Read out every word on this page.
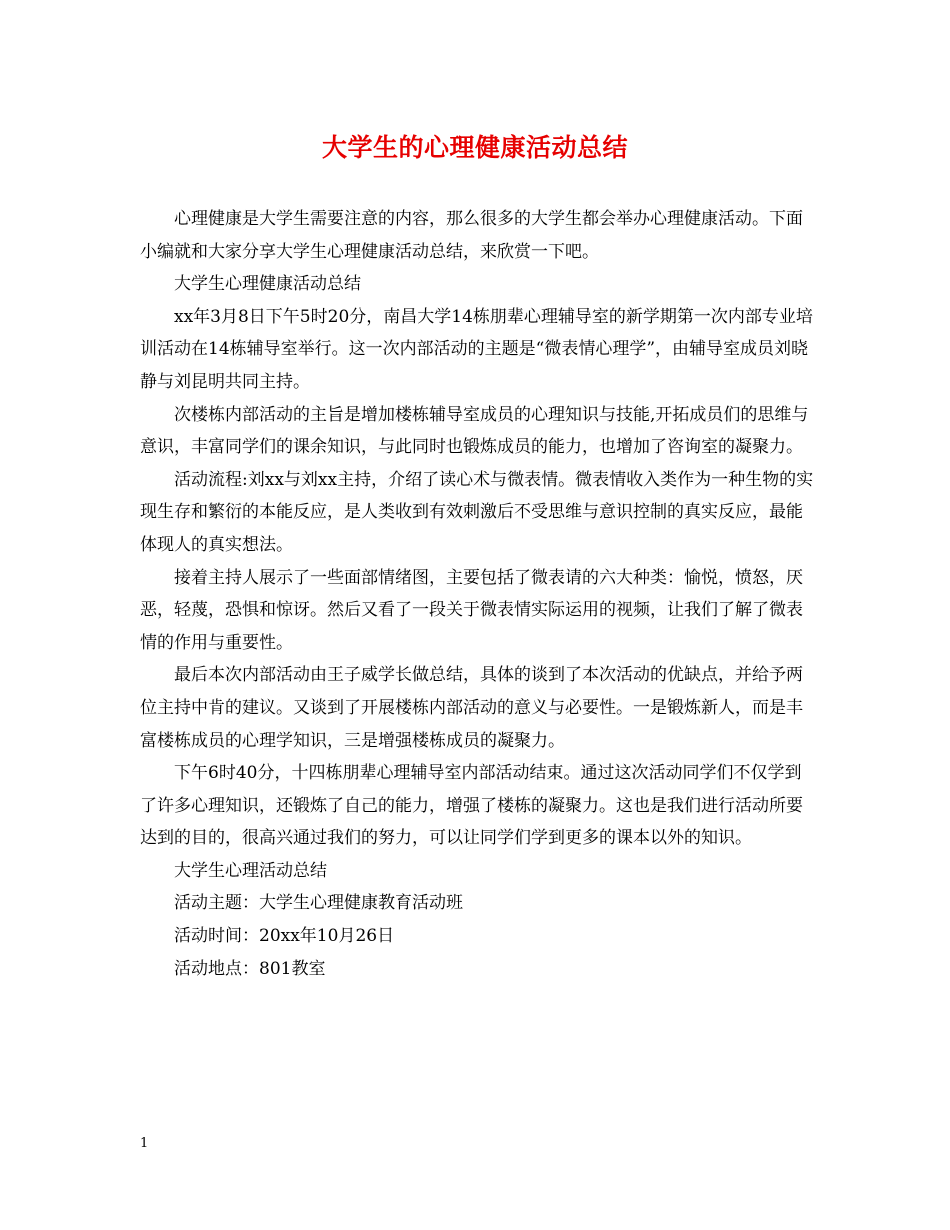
大学生的心理健康活动总结

心理健康是大学生需要注意的内容，那么很多的大学生都会举办心理健康活动。下面小编就和大家分享大学生心理健康活动总结，来欣赏一下吧。

大学生心理健康活动总结

xx年3月8日下午5时20分，南昌大学14栋朋辈心理辅导室的新学期第一次内部专业培训活动在14栋辅导室举行。这一次内部活动的主题是“微表情心理学”，由辅导室成员刘晓静与刘昆明共同主持。

次楼栋内部活动的主旨是增加楼栋辅导室成员的心理知识与技能,开拓成员们的思维与意识，丰富同学们的课余知识，与此同时也锻炼成员的能力，也增加了咨询室的凝聚力。

活动流程:刘xx与刘xx主持，介绍了读心术与微表情。微表情收入类作为一种生物的实现生存和繁衍的本能反应，是人类收到有效刺激后不受思维与意识控制的真实反应，最能体现人的真实想法。

接着主持人展示了一些面部情绪图，主要包括了微表请的六大种类：愉悦，愤怒，厌恶，轻蔑，恐惧和惊讶。然后又看了一段关于微表情实际运用的视频，让我们了解了微表情的作用与重要性。

最后本次内部活动由王子威学长做总结，具体的谈到了本次活动的优缺点，并给予两位主持中肯的建议。又谈到了开展楼栋内部活动的意义与必要性。一是锻炼新人，而是丰富楼栋成员的心理学知识，三是增强楼栋成员的凝聚力。

下午6时40分，十四栋朋辈心理辅导室内部活动结束。通过这次活动同学们不仅学到了许多心理知识，还锻炼了自己的能力，增强了楼栋的凝聚力。这也是我们进行活动所要达到的目的，很高兴通过我们的努力，可以让同学们学到更多的课本以外的知识。

大学生心理活动总结

活动主题：大学生心理健康教育活动班

活动时间：20xx年10月26日

活动地点：801教室

1
